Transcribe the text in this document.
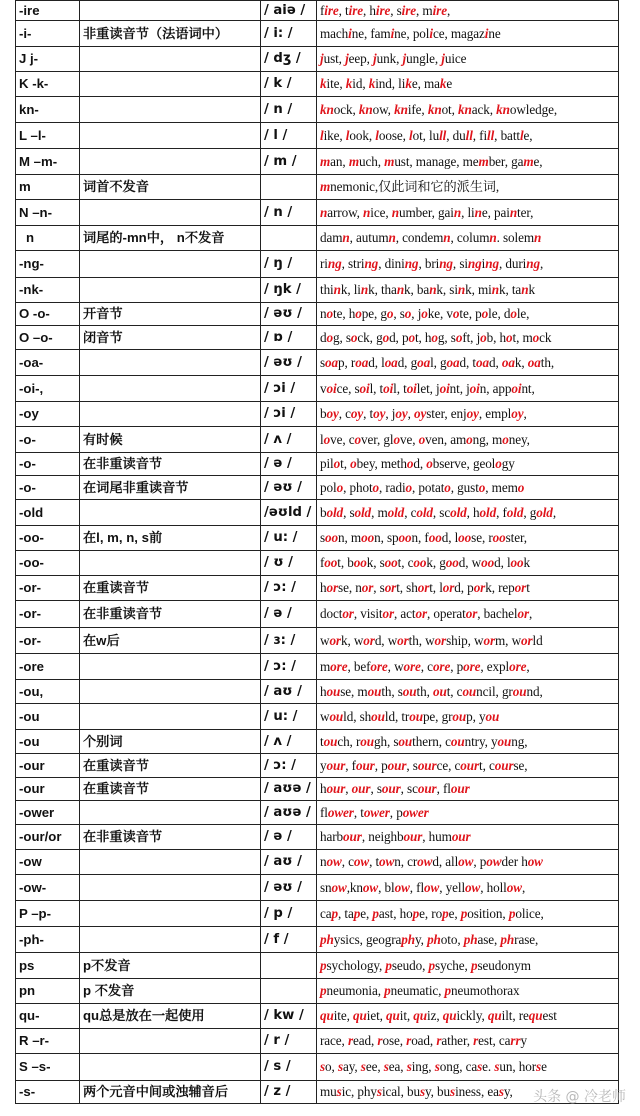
-ire		/ aiə /	fire, tire, hire, sire, mire,
-i-	非重读音节（法语词中）	/ i: /	machine, famine, police, magazine
J j-		/ dʒ /	just, jeep, junk, jungle, juice
K -k-		/ k /	kite, kid, kind, like, make
kn-		/ n /	knock, know, knife, knot, knack, knowledge,
L –l-		/ l /	like, look, loose, lot, lull, dull, fill, battle,
M –m-		/ m /	man, much, must, manage, member, game,
m	词首不发音		mnemonic,仅此词和它的派生词,
N –n-		/ n /	narrow, nice, number, gain, line, painter,
n	词尾的-mn中， n不发音		damn, autumn, condemn, column. solemn
-ng-		/ ŋ /	ring, string, dining, bring, singing, during,
-nk-		/ ŋk /	think, link, thank, bank, sink, mink, tank
O -o-	开音节	/ əʊ /	note, hope, go, so, joke, vote, pole, dole,
O –o-	闭音节	/ ɒ /	dog, sock, god, pot, hog, soft, job, hot, mock
-oa-		/ əʊ /	soap, road, load, goal, goad, toad, oak, oath,
-oi-,		/ ɔi /	voice, soil, toil, toilet, joint, join, appoint,
-oy		/ ɔi /	boy, coy, toy, joy, oyster, enjoy, employ,
-o-	有时候	/ ʌ /	love, cover, glove, oven, among, money,
-o-	在非重读音节	/ ə /	pilot, obey, method, observe, geology
-o-	在词尾非重读音节	/ əʊ /	polo, photo, radio, potato, gusto, memo
-old		/əʊld /	bold, sold, mold, cold, scold, hold, fold, gold,
-oo-	在l, m, n, s前	/ u: /	soon, moon, spoon, food, loose, rooster,
-oo-		/ ʊ /	foot, book, soot, cook, good, wood, look
-or-	在重读音节	/ ɔ: /	horse, nor, sort, short, lord, pork, report
-or-	在非重读音节	/ ə /	doctor, visitor, actor, operator, bachelor,
-or-	在w后	/ ɜ: /	work, word, worth, worship, worm, world
-ore		/ ɔ: /	more, before, wore, core, pore, explore,
-ou,		/ aʊ /	house, mouth, south, out, council, ground,
-ou		/ u: /	would, should, troupe, group, you
-ou	个别词	/ ʌ /	touch, rough, southern, country, young,
-our	在重读音节	/ ɔ: /	your, four, pour, source, court, course,
-our	在重读音节	/ aʊə /	hour, our, sour, scour, flour
-ower		/ aʊə /	flower, tower, power
-our/or	在非重读音节	/ ə /	harbour, neighbour, humour
-ow		/ aʊ /	now, cow, town, crowd, allow, powder how
-ow-		/ əʊ /	snow,know, blow, flow, yellow, hollow,
P –p-		/ p /	cap, tape, past, hope, rope, position, police,
-ph-		/ f /	physics, geography, photo, phase, phrase,
ps	p不发音		psychology, pseudo, psyche, pseudonym
pn	p 不发音		pneumonia, pneumatic, pneumothorax
qu-	qu总是放在一起使用	/ kw /	quite, quiet, quit, quiz, quickly, quilt, request
R –r-		/ r /	race, read, rose, road, rather, rest, carry
S –s-		/ s /	so, say, see, sea, sing, song, case. sun, horse
-s-	两个元音中间或浊辅音后	/ z /	music, physical, busy, business, easy, 头条 @ 冷老师
